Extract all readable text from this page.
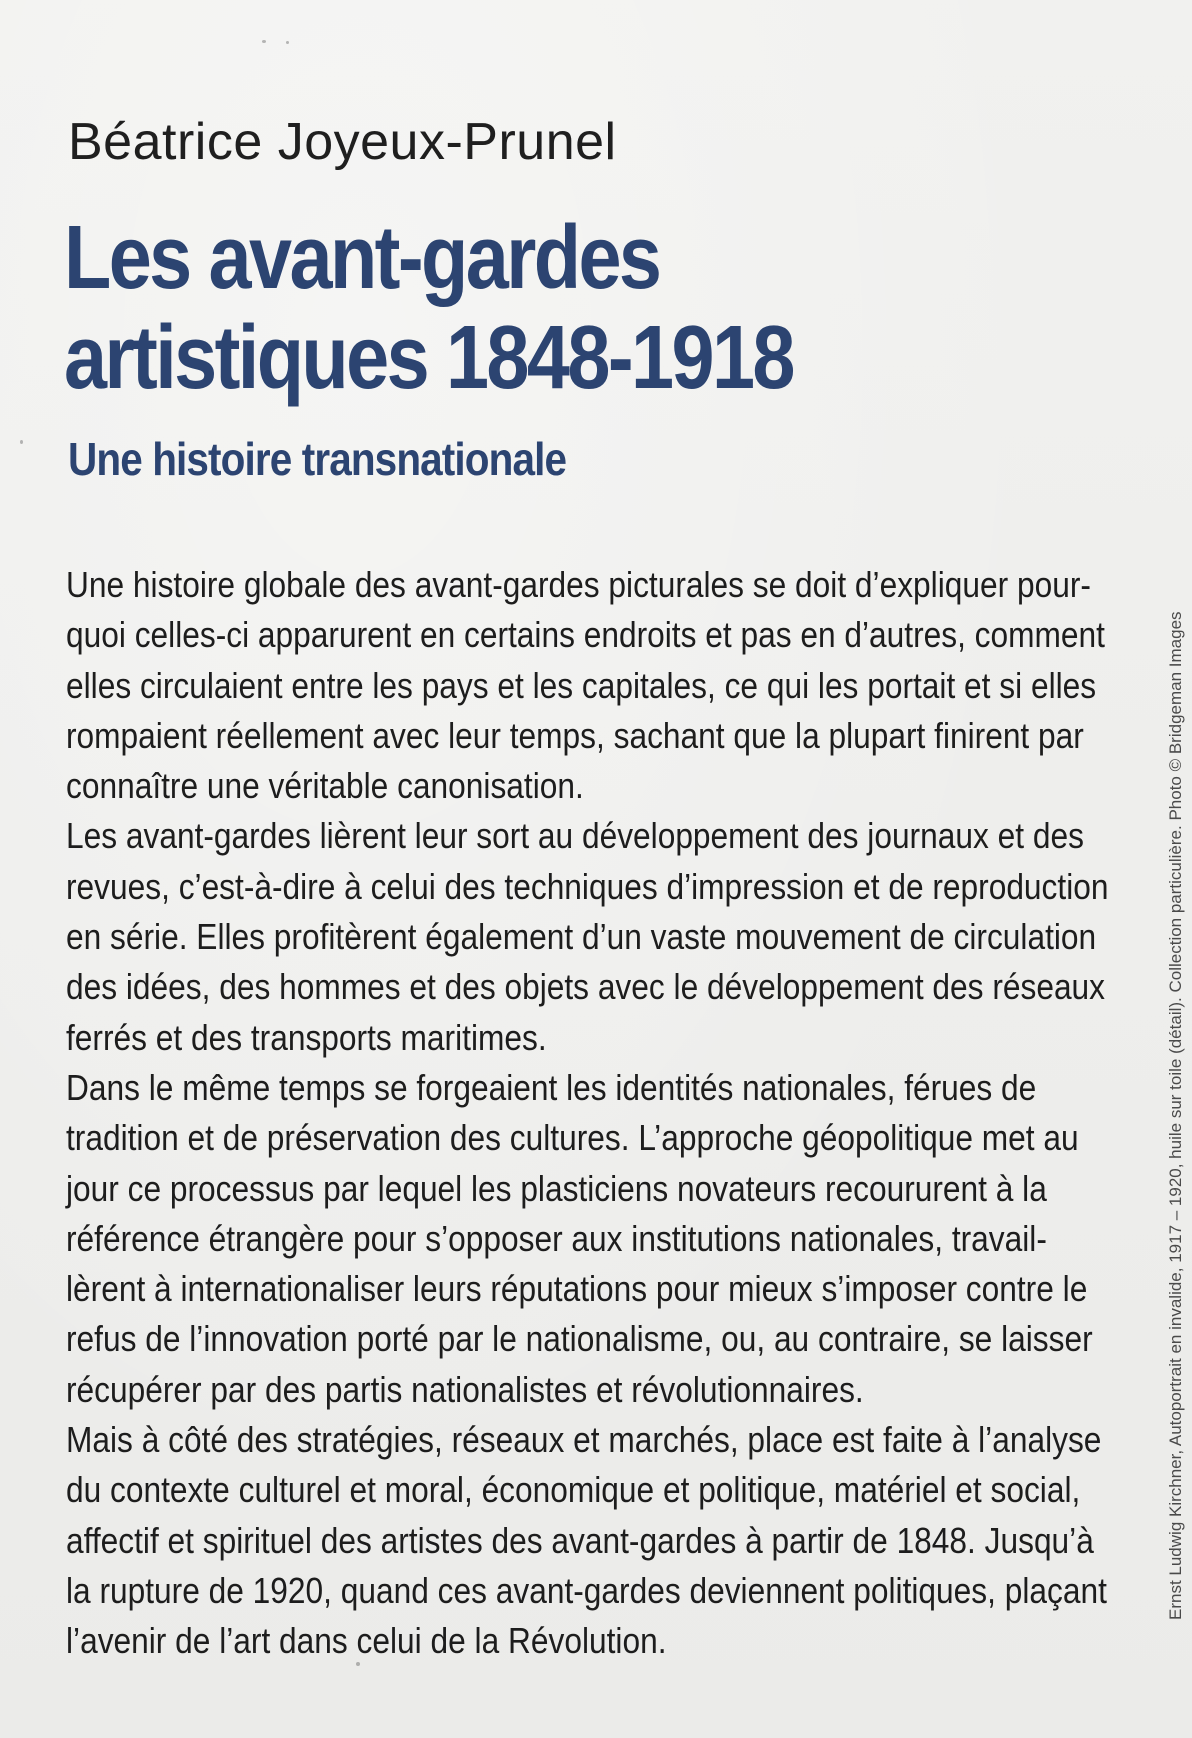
Béatrice Joyeux-Prunel
Les avant-gardes
artistiques 1848-1918
Une histoire transnationale
Une histoire globale des avant-gardes picturales se doit d’expliquer pour-
quoi celles-ci apparurent en certains endroits et pas en d’autres, comment
elles circulaient entre les pays et les capitales, ce qui les portait et si elles
rompaient réellement avec leur temps, sachant que la plupart finirent par
connaître une véritable canonisation.
Les avant-gardes lièrent leur sort au développement des journaux et des
revues, c’est-à-dire à celui des techniques d’impression et de reproduction
en série. Elles profitèrent également d’un vaste mouvement de circulation
des idées, des hommes et des objets avec le développement des réseaux
ferrés et des transports maritimes.
Dans le même temps se forgeaient les identités nationales, férues de
tradition et de préservation des cultures. L’approche géopolitique met au
jour ce processus par lequel les plasticiens novateurs recoururent à la
référence étrangère pour s’opposer aux institutions nationales, travail-
lèrent à internationaliser leurs réputations pour mieux s’imposer contre le
refus de l’innovation porté par le nationalisme, ou, au contraire, se laisser
récupérer par des partis nationalistes et révolutionnaires.
Mais à côté des stratégies, réseaux et marchés, place est faite à l’analyse
du contexte culturel et moral, économique et politique, matériel et social,
affectif et spirituel des artistes des avant-gardes à partir de 1848. Jusqu’à
la rupture de 1920, quand ces avant-gardes deviennent politiques, plaçant
l’avenir de l’art dans celui de la Révolution.
Ernst Ludwig Kirchner, Autoportrait en invalide, 1917 – 1920, huile sur toile (détail). Collection particulière. Photo © Bridgeman Images
